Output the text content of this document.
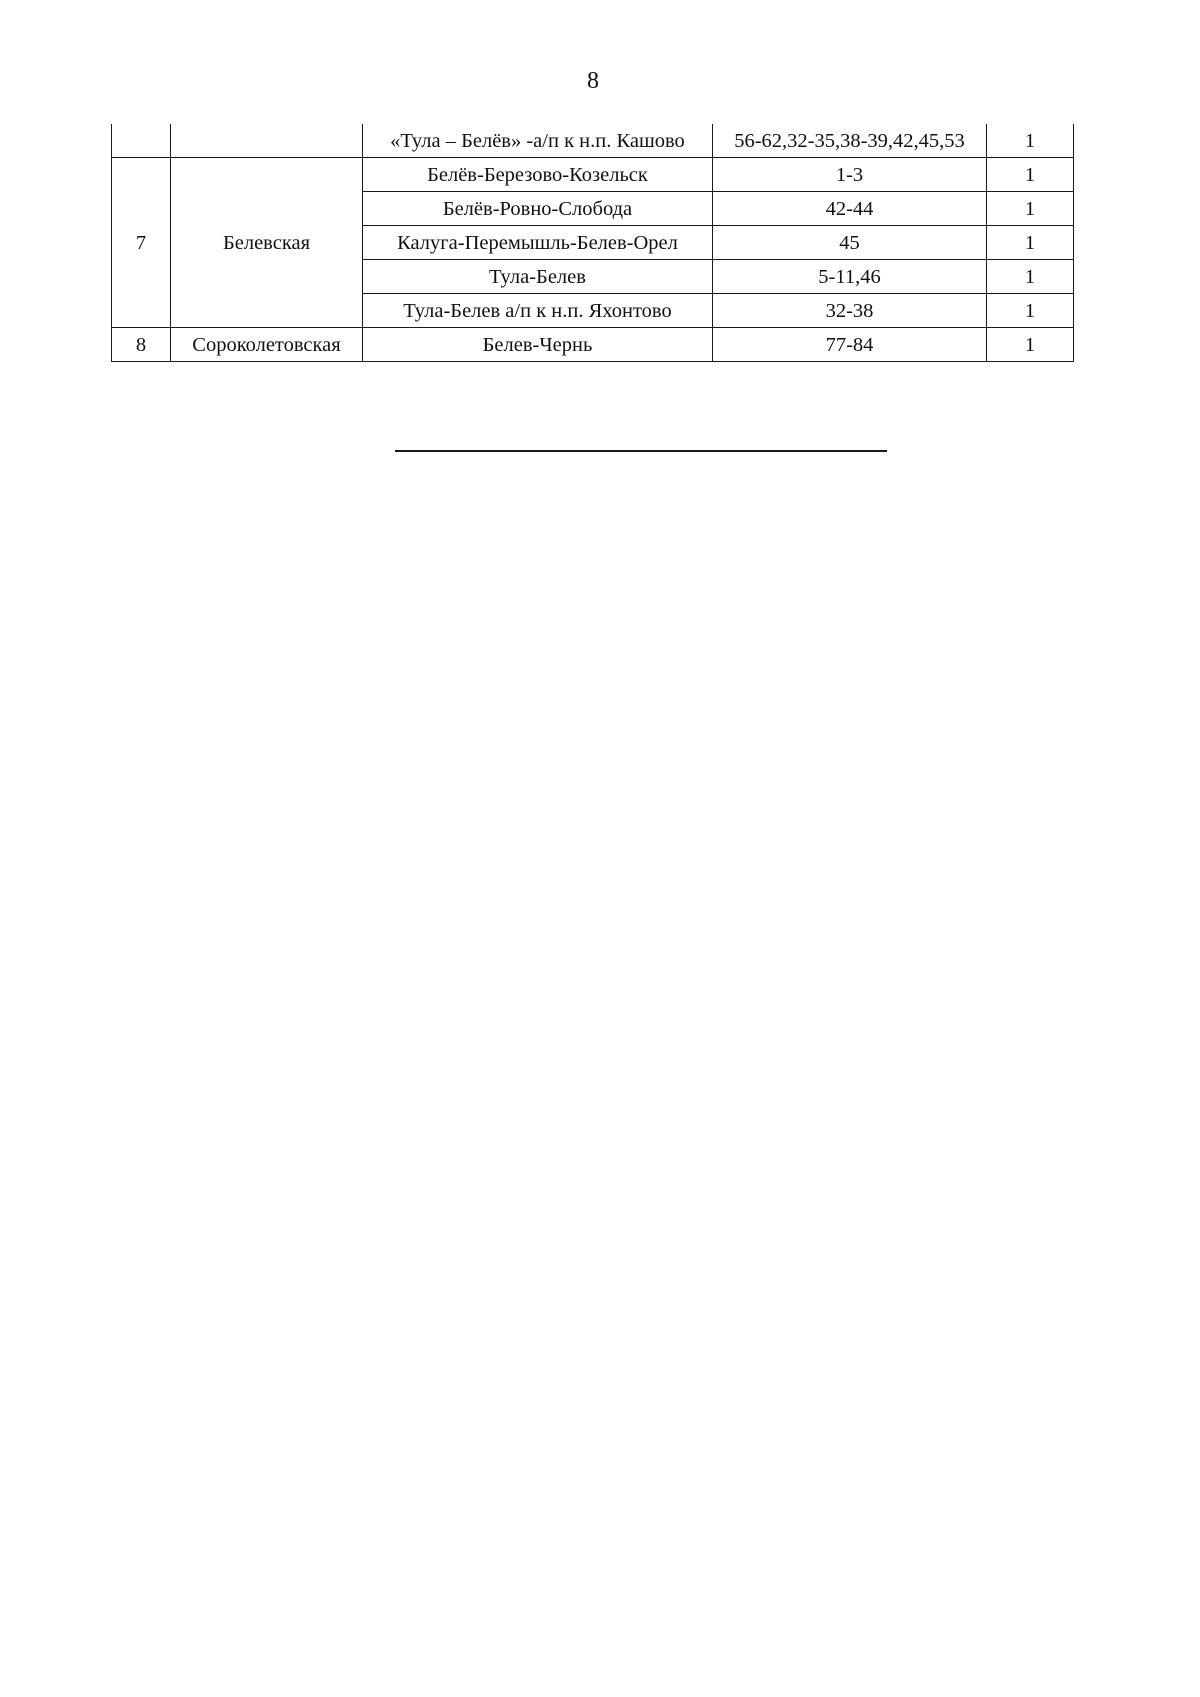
8
		«Тула – Белёв» -а/п к н.п. Кашово	56-62,32-35,38-39,42,45,53	1
7	Белевская	Белёв-Березово-Козельск	1-3	1
		Белёв-Ровно-Слобода	42-44	1
		Калуга-Перемышль-Белев-Орел	45	1
		Тула-Белев	5-11,46	1
		Тула-Белев а/п к н.п. Яхонтово	32-38	1
8	Сороколетовская	Белев-Чернь	77-84	1
